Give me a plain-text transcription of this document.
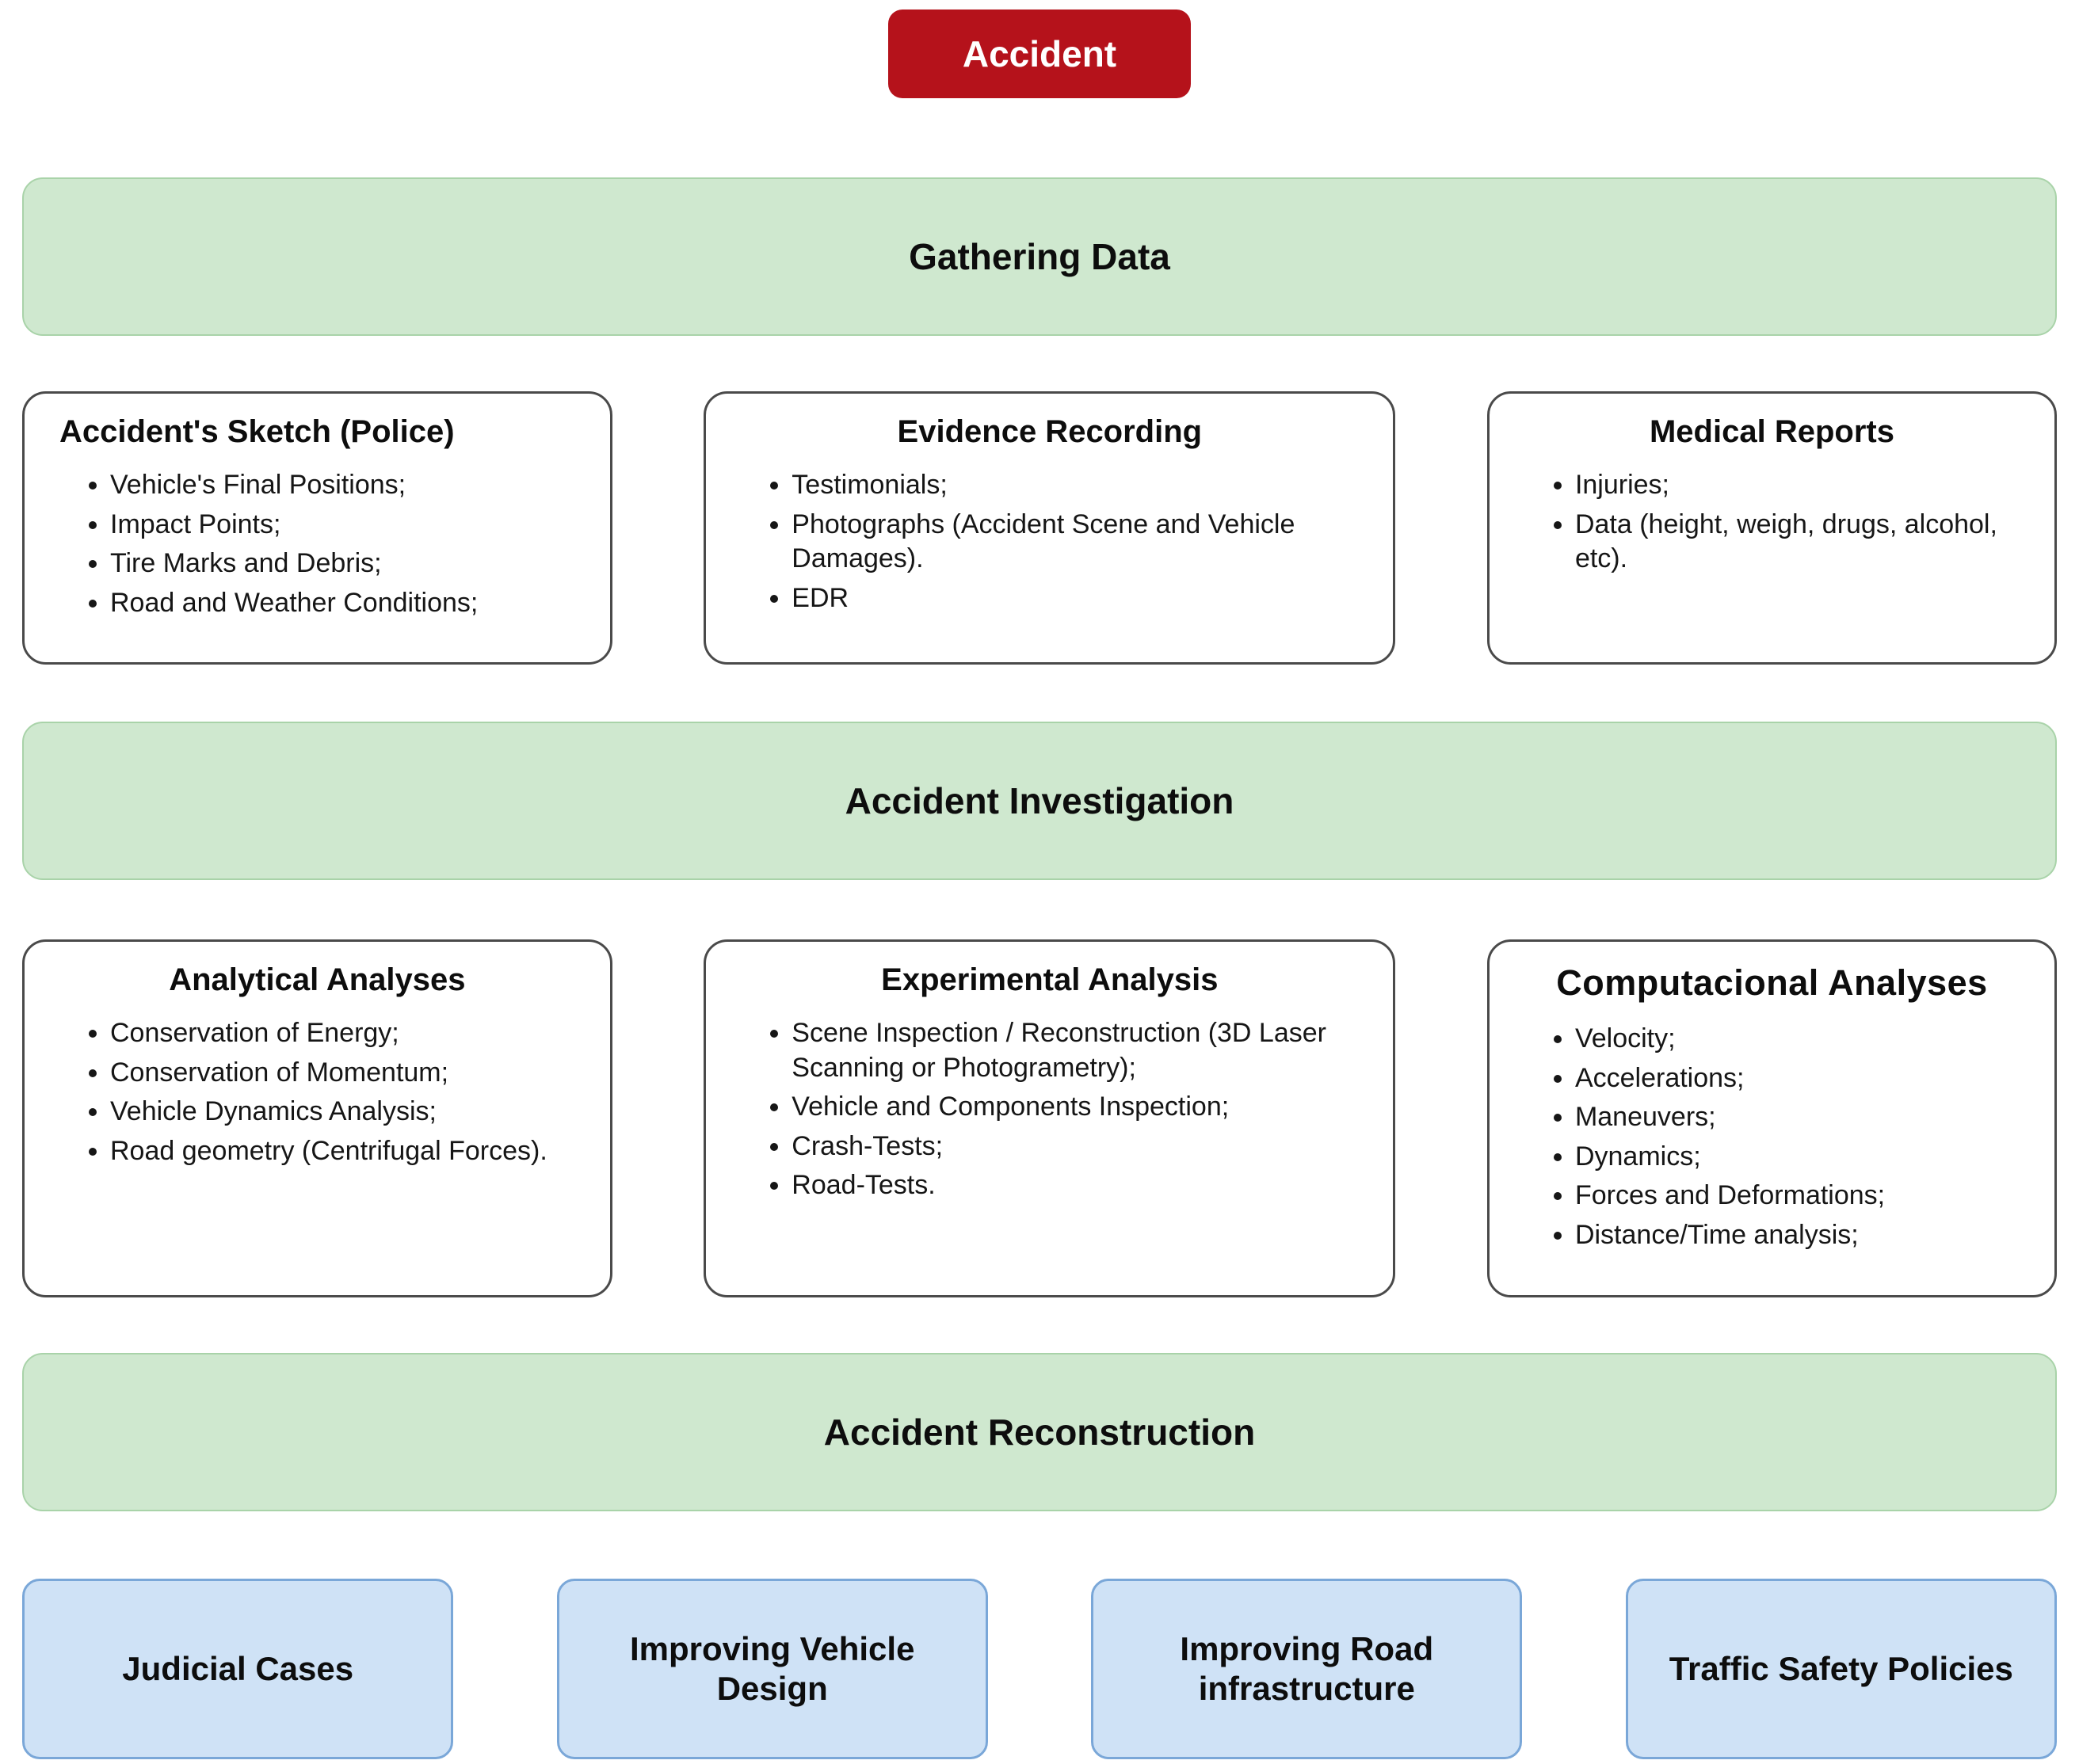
Accident
Gathering Data
Accident's Sketch (Police)
• Vehicle's Final Positions;
• Impact Points;
• Tire Marks and Debris;
• Road and Weather Conditions;
Evidence Recording
• Testimonials;
• Photographs (Accident Scene and Vehicle Damages).
• EDR
Medical Reports
• Injuries;
• Data (height, weigh, drugs, alcohol, etc).
Accident Investigation
Analytical Analyses
• Conservation of Energy;
• Conservation of Momentum;
• Vehicle Dynamics Analysis;
• Road geometry (Centrifugal Forces).
Experimental Analysis
• Scene Inspection / Reconstruction (3D Laser Scanning or Photogrametry);
• Vehicle and Components Inspection;
• Crash-Tests;
• Road-Tests.
Computacional Analyses
• Velocity;
• Accelerations;
• Maneuvers;
• Dynamics;
• Forces and Deformations;
• Distance/Time analysis;
Accident Reconstruction
Judicial Cases
Improving Vehicle Design
Improving Road infrastructure
Traffic Safety Policies
